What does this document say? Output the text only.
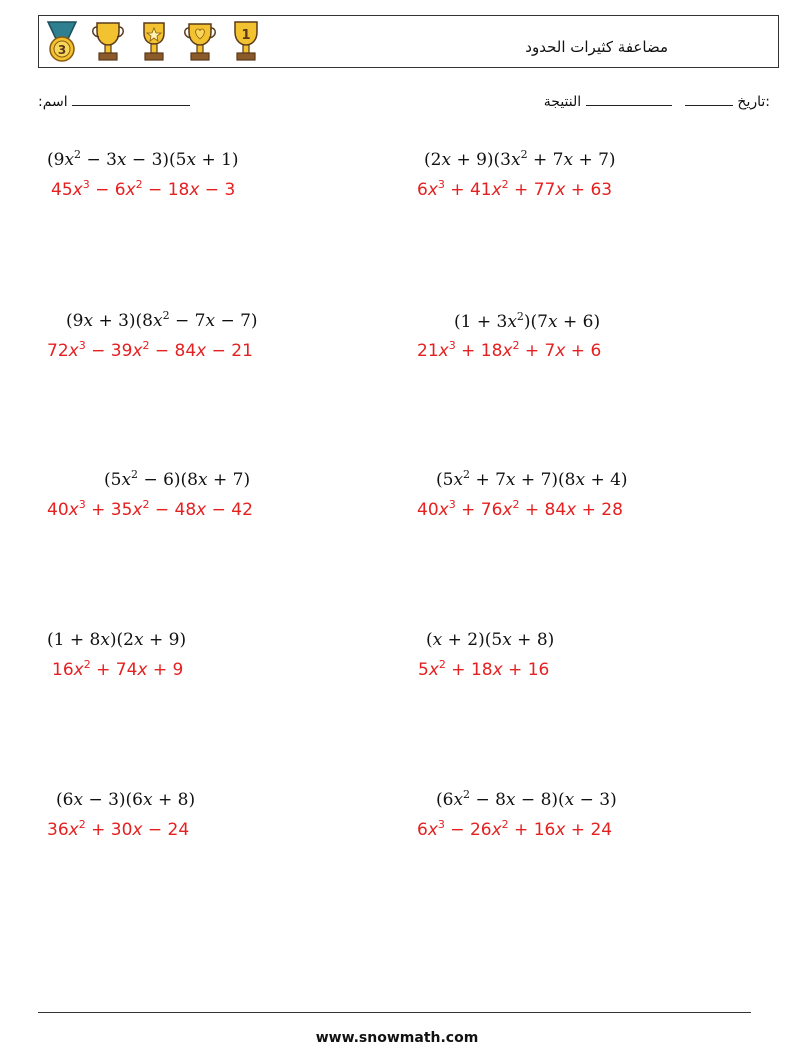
3
1
مضاعفة كثيرات الحدود
:اسم	:تاريخ     النتيجة
$(9x^2 - 3x - 3)(5x + 1)$
$45x^3 - 6x^2 - 18x - 3$
$(2x + 9)(3x^2 + 7x + 7)$
$6x^3 + 41x^2 + 77x + 63$
$(9x + 3)(8x^2 - 7x - 7)$
$72x^3 - 39x^2 - 84x - 21$
$(1 + 3x^2)(7x + 6)$
$21x^3 + 18x^2 + 7x + 6$
$(5x^2 - 6)(8x + 7)$
$40x^3 + 35x^2 - 48x - 42$
$(5x^2 + 7x + 7)(8x + 4)$
$40x^3 + 76x^2 + 84x + 28$
(1 + 8x)(2x + 9)
$16x^2 + 74x + 9$
(x + 2)(5x + 8)
$5x^2 + 18x + 16$
(6x − 3)(6x + 8)
$36x^2 + 30x - 24$
$(6x^2 - 8x - 8)(x - 3)$
$6x^3 - 26x^2 + 16x + 24$
www.snowmath.com
